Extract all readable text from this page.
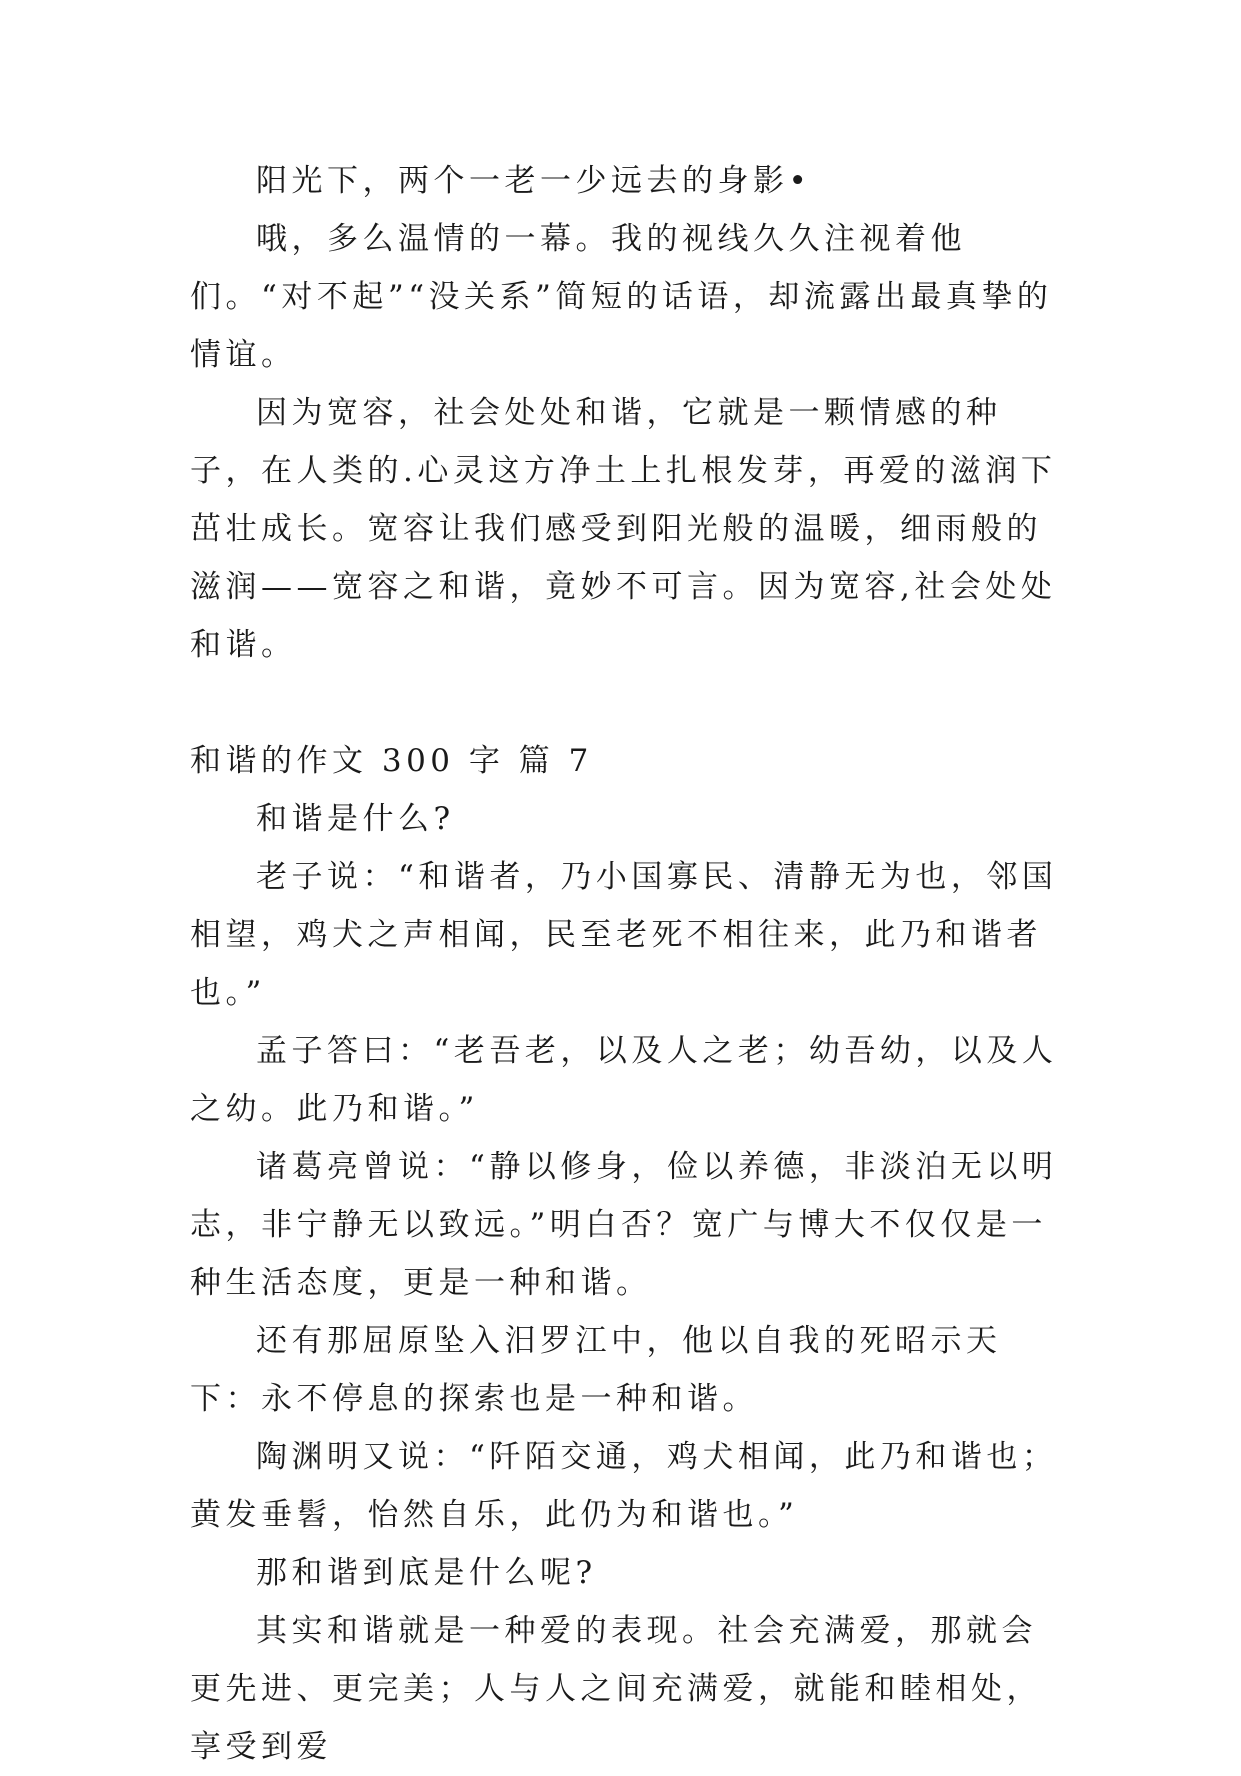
阳光下，两个一老一少远去的身影•

哦，多么温情的一幕。我的视线久久注视着他们。“对不起”“没关系”简短的话语，却流露出最真挚的情谊。

因为宽容，社会处处和谐，它就是一颗情感的种子，在人类的.心灵这方净土上扎根发芽，再爱的滋润下茁壮成长。宽容让我们感受到阳光般的温暖，细雨般的滋润——宽容之和谐，竟妙不可言。因为宽容,社会处处和谐。

和谐的作文 300 字 篇 7

和谐是什么?

老子说：“和谐者，乃小国寡民、清静无为也，邻国相望，鸡犬之声相闻，民至老死不相往来，此乃和谐者也。”

孟子答曰：“老吾老，以及人之老；幼吾幼，以及人之幼。此乃和谐。”

诸葛亮曾说：“静以修身，俭以养德，非淡泊无以明志，非宁静无以致远。”明白否？宽广与博大不仅仅是一种生活态度，更是一种和谐。

还有那屈原坠入汨罗江中，他以自我的死昭示天下：永不停息的探索也是一种和谐。

陶渊明又说：“阡陌交通，鸡犬相闻，此乃和谐也；黄发垂髫，怡然自乐，此仍为和谐也。”

那和谐到底是什么呢?

其实和谐就是一种爱的表现。社会充满爱，那就会更先进、更完美；人与人之间充满爱，就能和睦相处，享受到爱
